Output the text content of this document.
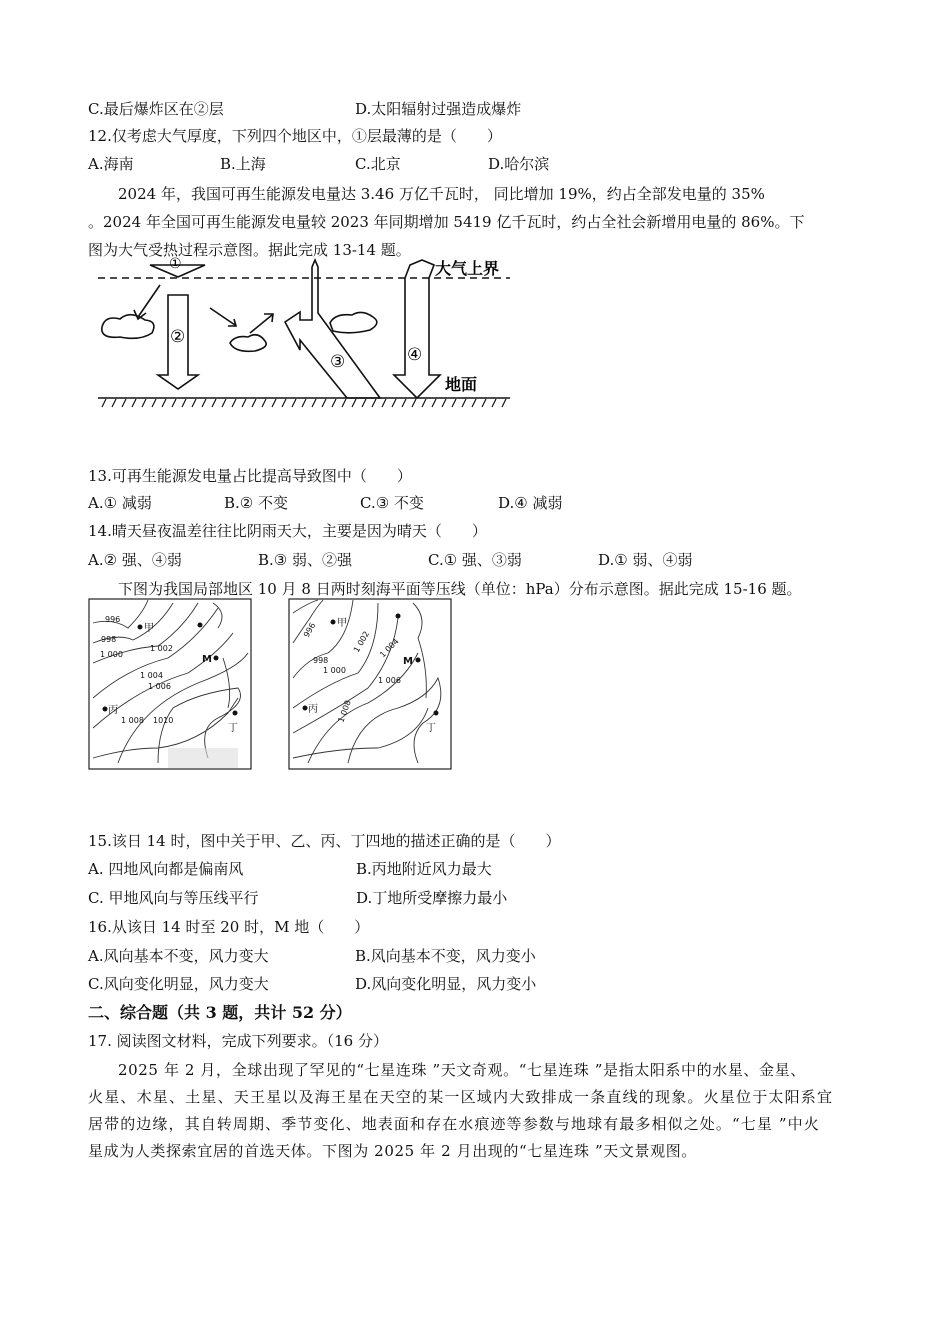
C.最后爆炸区在②层	D.太阳辐射过强造成爆炸
12.仅考虑大气厚度，下列四个地区中，①层最薄的是（　　）
A.海南	B.上海	C.北京	D.哈尔滨
2024 年，我国可再生能源发电量达 3.46 万亿千瓦时， 同比增加 19%，约占全部发电量的 35%
。2024 年全国可再生能源发电量较 2023 年同期增加 5419 亿千瓦时，约占全社会新增用电量的 86%。下
图为大气受热过程示意图。据此完成 13-14 题。
大气上界
地面
①
②
③	④
13.可再生能源发电量占比提高导致图中（　　）
A.① 减弱	B.② 不变	C.③ 不变	D.④ 减弱
14.晴天昼夜温差往往比阴雨天大，主要是因为晴天（　　）
A.② 强、④弱	B.③ 弱、②强	C.① 强、③弱	D.① 弱、④弱
下图为我国局部地区 10 月 8 日两时刻海平面等压线（单位：hPa）分布示意图。据此完成 15-16 题。
996
998
1 000
1 002
1 004
1 006
1 008 1010
甲
M
丙
丁
996
998
1 000
1 002 1 004
1 006
1 008
甲
M
丙
丁
15.该日 14 时，图中关于甲、乙、丙、丁四地的描述正确的是（　　）
A. 四地风向都是偏南风	B.丙地附近风力最大
C. 甲地风向与等压线平行	D.丁地所受摩擦力最小
16.从该日 14 时至 20 时，M 地（　　）
A.风向基本不变，风力变大	B.风向基本不变，风力变小
C.风向变化明显，风力变大	D.风向变化明显，风力变小
二、综合题（共 3 题，共计 52 分）
17. 阅读图文材料，完成下列要求。（16 分）
2025 年 2 月，全球出现了罕见的“七星连珠 ”天文奇观。“七星连珠 ”是指太阳系中的水星、金星、
火星、木星、土星、天王星以及海王星在天空的某一区域内大致排成一条直线的现象。火星位于太阳系宜
居带的边缘，其自转周期、季节变化、地表面和存在水痕迹等参数与地球有最多相似之处。“七星 ”中火
星成为人类探索宜居的首选天体。下图为 2025 年 2 月出现的“七星连珠 ”天文景观图。
